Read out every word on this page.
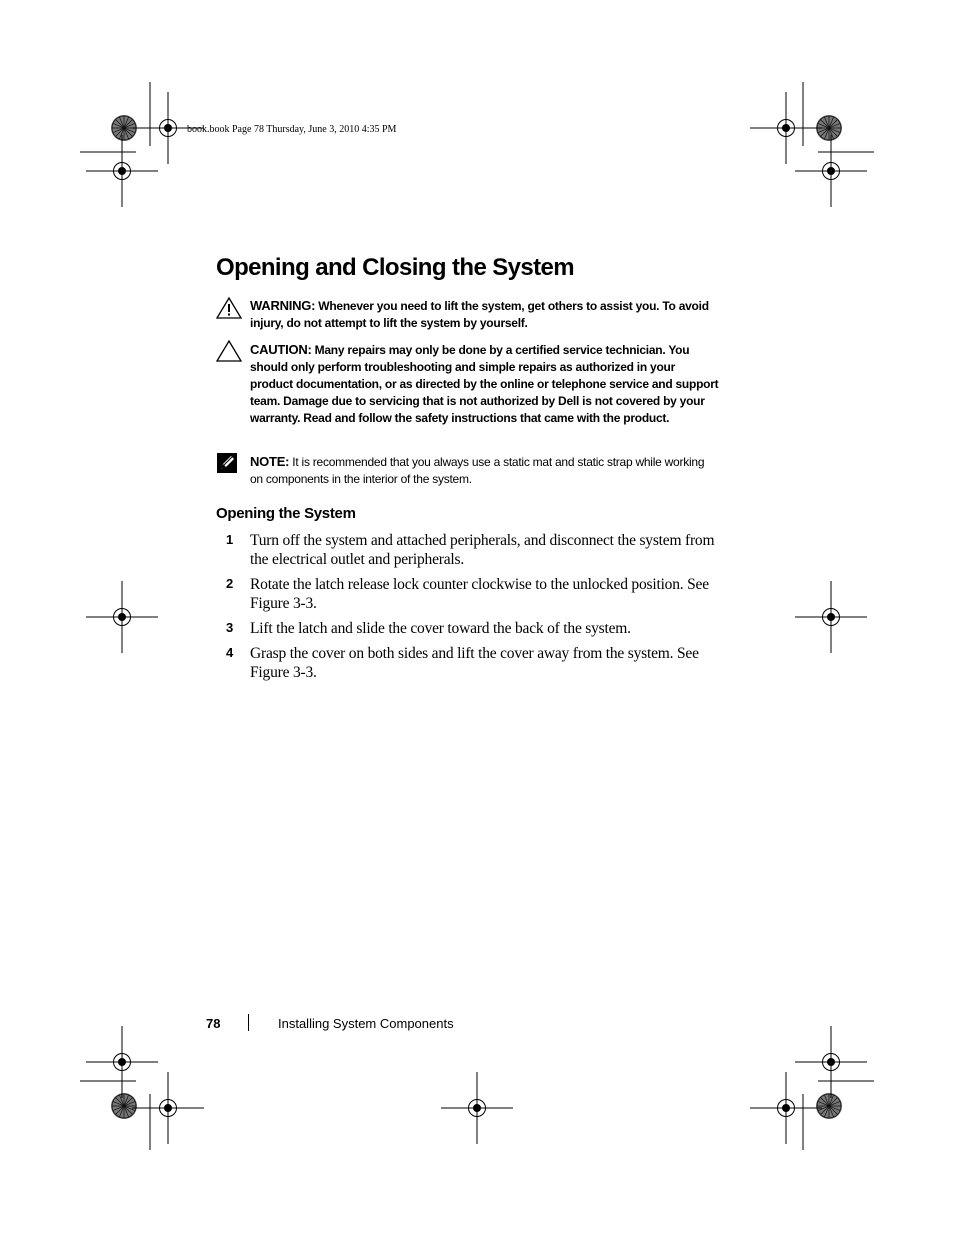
book.book Page 78 Thursday, June 3, 2010 4:35 PM
Opening and Closing the System
WARNING: Whenever you need to lift the system, get others to assist you. To avoid injury, do not attempt to lift the system by yourself.
CAUTION: Many repairs may only be done by a certified service technician. You should only perform troubleshooting and simple repairs as authorized in your product documentation, or as directed by the online or telephone service and support team. Damage due to servicing that is not authorized by Dell is not covered by your warranty. Read and follow the safety instructions that came with the product.
NOTE: It is recommended that you always use a static mat and static strap while working on components in the interior of the system.
Opening the System
1 Turn off the system and attached peripherals, and disconnect the system from the electrical outlet and peripherals.
2 Rotate the latch release lock counter clockwise to the unlocked position. See Figure 3-3.
3 Lift the latch and slide the cover toward the back of the system.
4 Grasp the cover on both sides and lift the cover away from the system. See Figure 3-3.
78	Installing System Components
